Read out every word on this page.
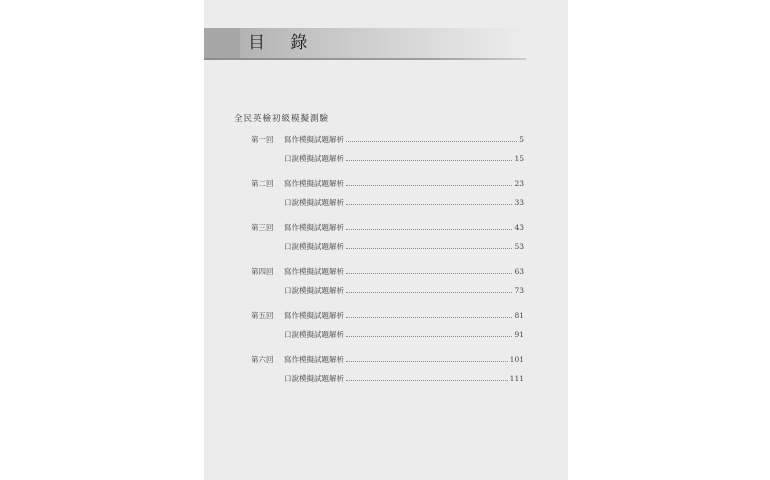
目 錄
全民英檢初級模擬測驗
第一回	寫作模擬試題解析	5
口說模擬試題解析	15
第二回	寫作模擬試題解析	23
口說模擬試題解析	33
第三回	寫作模擬試題解析	43
口說模擬試題解析	53
第四回	寫作模擬試題解析	63
口說模擬試題解析	73
第五回	寫作模擬試題解析	81
口說模擬試題解析	91
第六回	寫作模擬試題解析	101
口說模擬試題解析	111
